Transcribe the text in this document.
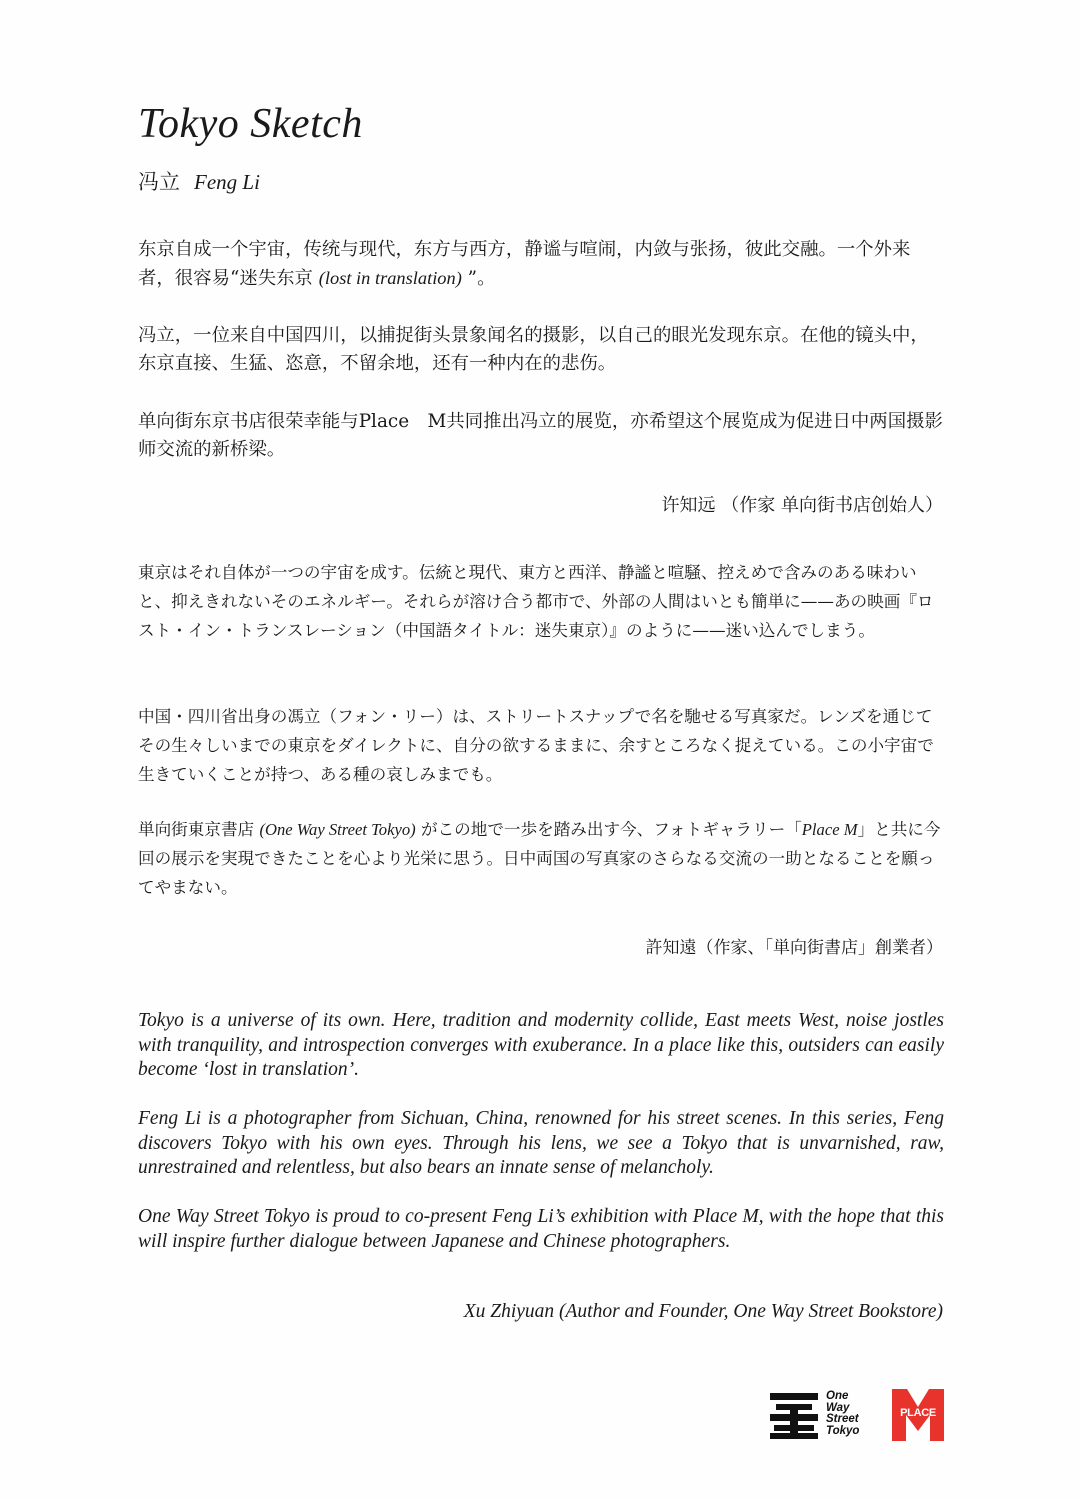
Tokyo Sketch
冯立 Feng Li

东京自成一个宇宙，传统与现代，东方与西方，静谧与喧闹，内敛与张扬，彼此交融。一个外来者，很容易“迷失东京 (lost in translation) ”。

冯立，一位来自中国四川，以捕捉街头景象闻名的摄影，以自己的眼光发现东京。在他的镜头中，东京直接、生猛、恣意，不留余地，还有一种内在的悲伤。

单向街东京书店很荣幸能与Place　M共同推出冯立的展览，亦希望这个展览成为促进日中两国摄影师交流的新桥梁。

许知远 （作家 单向街书店创始人）

東京はそれ自体が一つの宇宙を成す。伝統と現代、東方と西洋、静謐と喧騒、控えめで含みのある味わいと、抑えきれないそのエネルギー。それらが溶け合う都市で、外部の人間はいとも簡単に——あの映画『ロスト・イン・トランスレーション（中国語タイトル：迷失東京）』のように——迷い込んでしまう。

中国・四川省出身の馮立（フォン・リー）は、ストリートスナップで名を馳せる写真家だ。レンズを通じてその生々しいまでの東京をダイレクトに、自分の欲するままに、余すところなく捉えている。この小宇宙で生きていくことが持つ、ある種の哀しみまでも。

単向街東京書店 (One Way Street Tokyo) がこの地で一歩を踏み出す今、フォトギャラリー「Place M」と共に今回の展示を実現できたことを心より光栄に思う。日中両国の写真家のさらなる交流の一助となることを願ってやまない。

許知遠（作家、「単向街書店」創業者）

Tokyo is a universe of its own. Here, tradition and modernity collide, East meets West, noise jostles with tranquility, and introspection converges with exuberance. In a place like this, outsiders can easily become ‘lost in translation’.

Feng Li is a photographer from Sichuan, China, renowned for his street scenes. In this series, Feng discovers Tokyo with his own eyes. Through his lens, we see a Tokyo that is unvarnished, raw, unrestrained and relentless, but also bears an innate sense of melancholy.

One Way Street Tokyo is proud to co-present Feng Li’s exhibition with Place M, with the hope that this will inspire further dialogue between Japanese and Chinese photographers.

Xu Zhiyuan (Author and Founder, One Way Street Bookstore)
One
Way
Street
Tokyo
PLACE
